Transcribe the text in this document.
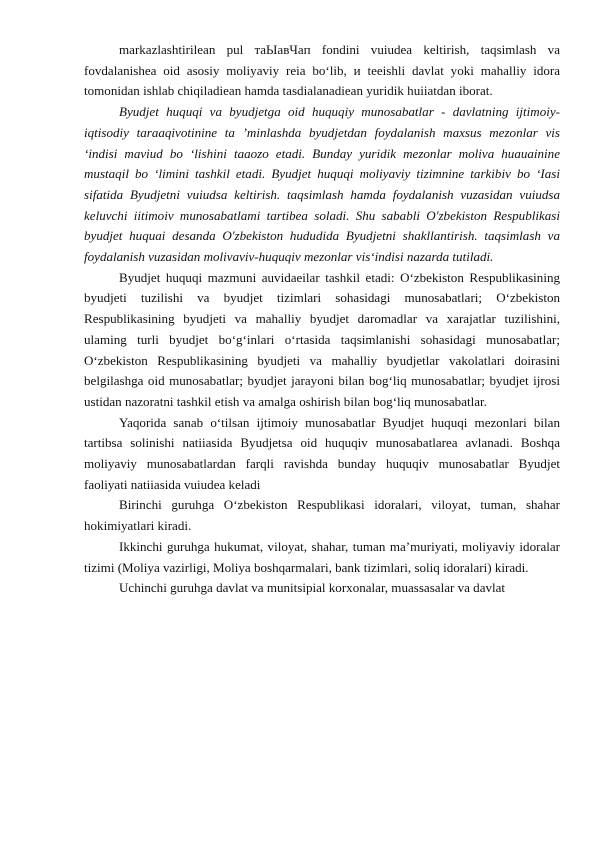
markazlashtirilean pul тaЫaвЧaп fondini vuiudea keltirish, taqsimlash va fovdalanishea oid asosiy moliyaviy reia bo‘lib, и teeishli davlat yoki mahalliy idora tomonidan ishlab chiqiladiean hamda tasdialanadiean yuridik huiiatdan iborat.

Byudjet huquqi va byudjetga oid huquqiy munosabatlar - davlatning ijtimoiy-iqtisodiy taraaqivotinine ta ’minlashda byudjetdan foydalanish maxsus mezonlar vis ‘indisi maviud bo ‘lishini taaozo etadi. Bunday yuridik mezonlar moliva huauainine mustaqil bo ‘limini tashkil etadi. Byudjet huquqi moliyaviy tizimnine tarkibiv bo ‘Iasi sifatida Byudjetni vuiudsa keltirish. taqsimlash hamda foydalanish vuzasidan vuiudsa keluvchi iitimoiv munosabatlami tartibea soladi. Shu sababli O'zbekiston Respublikasi byudjet huquai desanda O'zbekiston hududida Byudjetni shakllantirish. taqsimlash va foydalanish vuzasidan molivaviv-huquqiv mezonlar vis‘indisi nazarda tutiladi.

Byudjet huquqi mazmuni auvidaeilar tashkil etadi: O‘zbekiston Respublikasining byudjeti tuzilishi va byudjet tizimlari sohasidagi munosabatlari; O‘zbekiston Respublikasining byudjeti va mahalliy byudjet daromadlar va xarajatlar tuzilishini, ulaming turli byudjet bo‘g‘inlari o‘rtasida taqsimlanishi sohasidagi munosabatlar; O‘zbekiston Respublikasining byudjeti va mahalliy byudjetlar vakolatlari doirasini belgilashga oid munosabatlar; byudjet jarayoni bilan bog‘liq munosabatlar; byudjet ijrosi ustidan nazoratni tashkil etish va amalga oshirish bilan bog‘liq munosabatlar.

Yaqorida sanab o‘tilsan ijtimoiy munosabatlar Byudjet huquqi mezonlari bilan tartibsa solinishi natiiasida Byudjetsa oid huquqiv munosabatlarea avlanadi. Boshqa moliyaviy munosabatlardan farqli ravishda bunday huquqiv munosabatlar Byudjet faoliyati natiiasida vuiudea keladi

Birinchi guruhga O‘zbekiston Respublikasi idoralari, viloyat, tuman, shahar hokimiyatlari kiradi.

Ikkinchi guruhga hukumat, viloyat, shahar, tuman ma’muriyati, moliyaviy idoralar tizimi (Moliya vazirligi, Moliya boshqarmalari, bank tizimlari, soliq idoralari) kiradi.

Uchinchi guruhga davlat va munitsipial korxonalar, muassasalar va davlat
